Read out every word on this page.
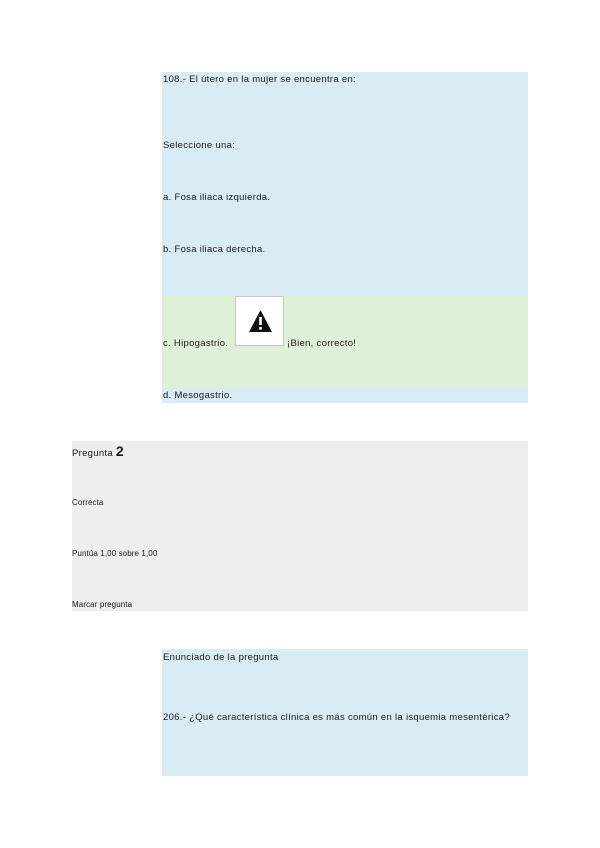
108.- El útero en la mujer se encuentra en:
Seleccione una:
a. Fosa iliaca izquierda.
b. Fosa iliaca derecha.
c. Hipogastrio.	¡Bien, correcto!
d. Mesogastrio.
Pregunta 2
Correcta
Puntúa 1,00 sobre 1,00
Marcar pregunta
Enunciado de la pregunta
206.- ¿Qué característica clínica es más común en la isquemia mesentérica?
